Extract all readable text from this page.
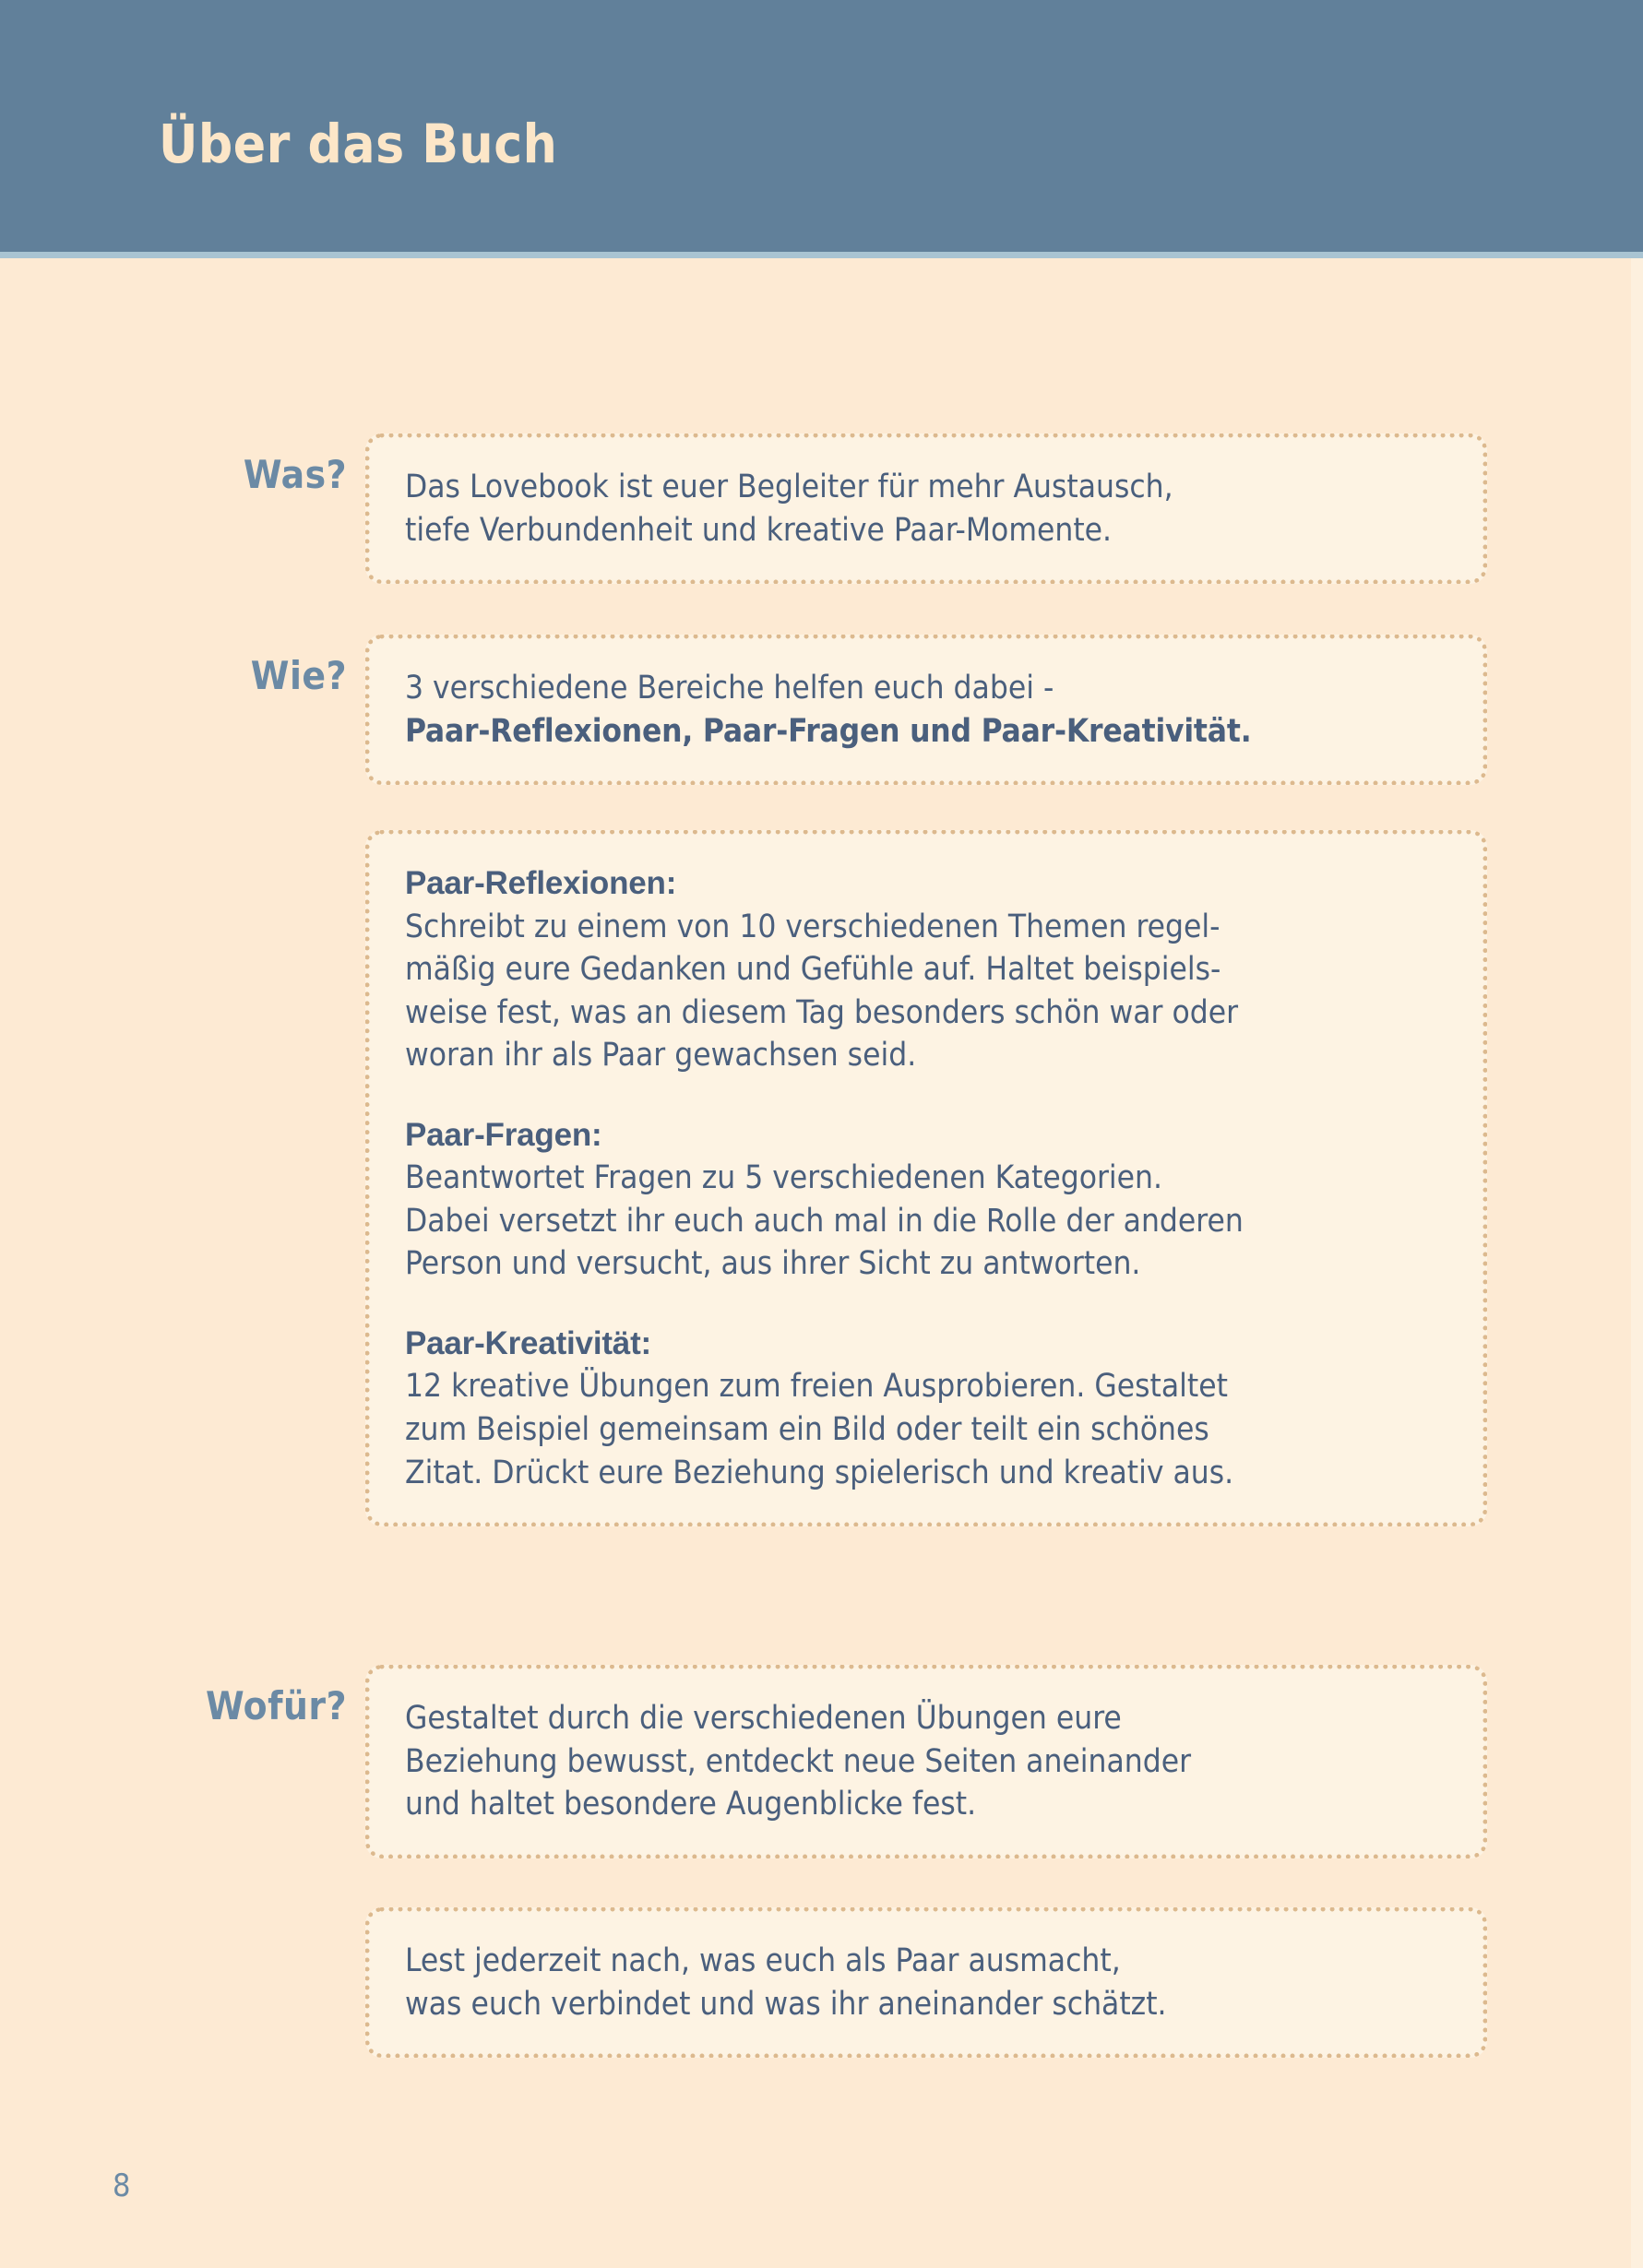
Über das Buch
Was? Das Lovebook ist euer Begleiter für mehr Austausch,
tiefe Verbundenheit und kreative Paar-Momente.
Wie? 3 verschiedene Bereiche helfen euch dabei -
Paar-Reflexionen, Paar-Fragen und Paar-Kreativität.
Paar-Reflexionen:
Schreibt zu einem von 10 verschiedenen Themen regel-
mäßig eure Gedanken und Gefühle auf. Haltet beispiels-
weise fest, was an diesem Tag besonders schön war oder
woran ihr als Paar gewachsen seid.
Paar-Fragen:
Beantwortet Fragen zu 5 verschiedenen Kategorien.
Dabei versetzt ihr euch auch mal in die Rolle der anderen
Person und versucht, aus ihrer Sicht zu antworten.
Paar-Kreativität:
12 kreative Übungen zum freien Ausprobieren. Gestaltet
zum Beispiel gemeinsam ein Bild oder teilt ein schönes
Zitat. Drückt eure Beziehung spielerisch und kreativ aus.
Wofür? Gestaltet durch die verschiedenen Übungen eure
Beziehung bewusst, entdeckt neue Seiten aneinander
und haltet besondere Augenblicke fest.
Lest jederzeit nach, was euch als Paar ausmacht,
was euch verbindet und was ihr aneinander schätzt.
8
